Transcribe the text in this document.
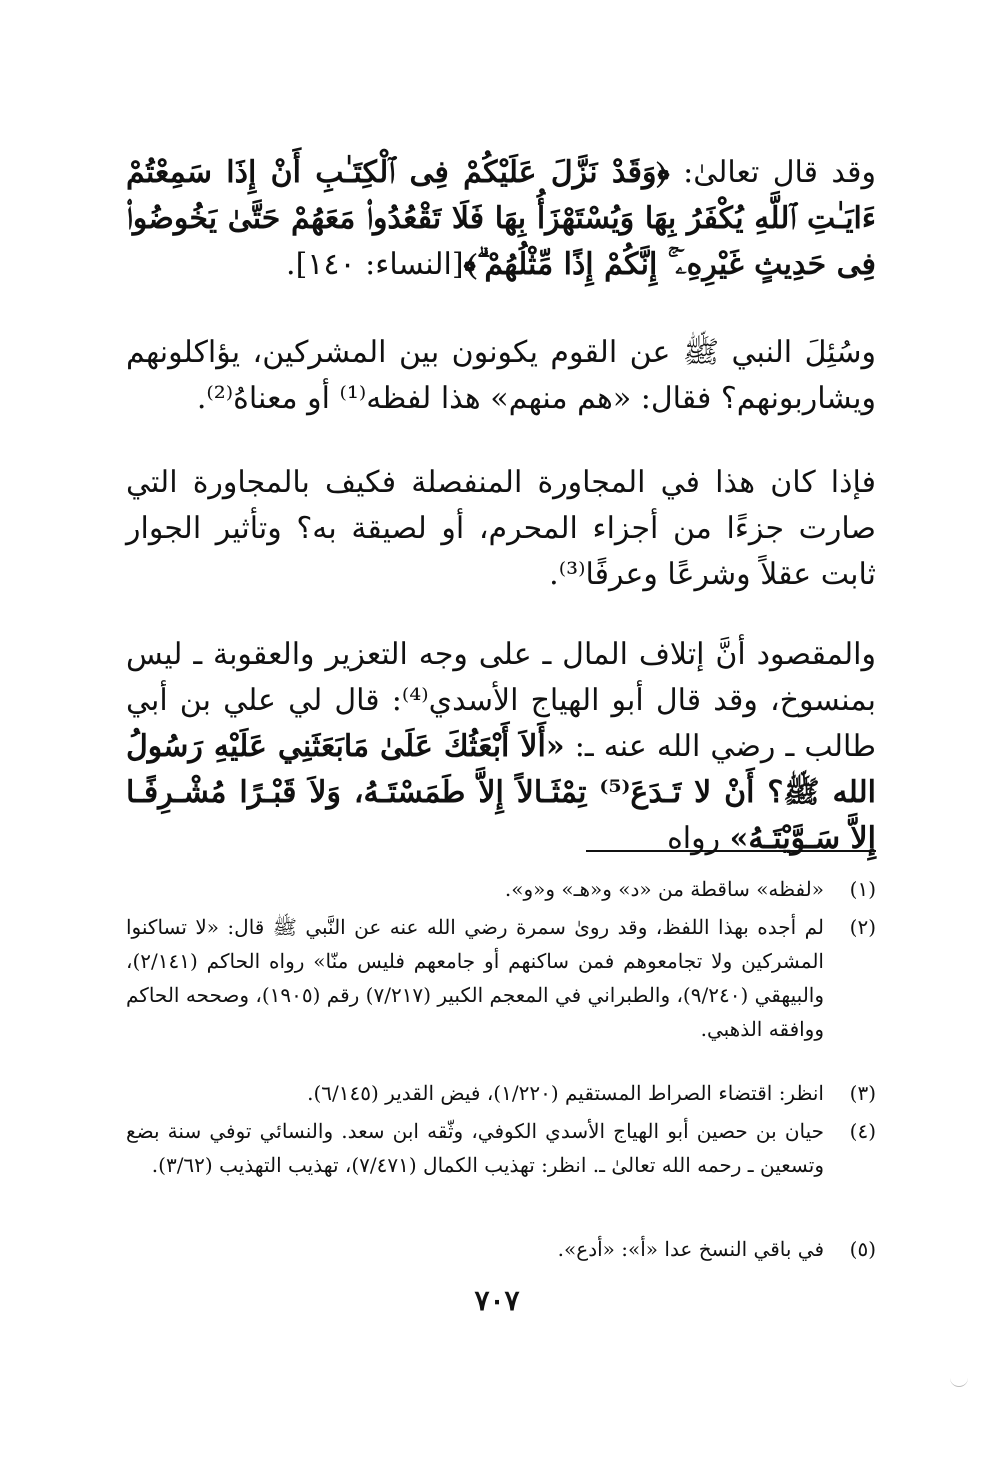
وقد قال تعالىٰ: ﴿وَقَدْ نَزَّلَ عَلَيْكُمْ فِى ٱلْكِتَـٰبِ أَنْ إِذَا سَمِعْتُمْ ءَايَـٰتِ ٱللَّهِ يُكْفَرُ بِهَا وَيُسْتَهْزَأُ بِهَا فَلَا تَقْعُدُوا۟ مَعَهُمْ حَتَّىٰ يَخُوضُوا۟ فِى حَدِيثٍ غَيْرِهِۦٓ ۚ إِنَّكُمْ إِذًا مِّثْلُهُمْ ۗ﴾[النساء: ١٤٠].

وسُئِلَ النبي ﷺ عن القوم يكونون بين المشركين، يؤاكلونهم ويشاربونهم؟ فقال: «هم منهم» هذا لفظه⁽¹⁾ أو معناهُ⁽²⁾.

فإذا كان هذا في المجاورة المنفصلة فكيف بالمجاورة التي صارت جزءًا من أجزاء المحرم، أو لصيقة به؟ وتأثير الجوار ثابت عقلاً وشرعًا وعرفًا⁽³⁾.

والمقصود أنَّ إتلاف المال ـ على وجه التعزير والعقوبة ـ ليس بمنسوخ، وقد قال أبو الهياج الأسدي⁽⁴⁾: قال لي علي بن أبي طالب ـ رضي الله عنه ـ: «أَلاَ أَبْعَثُكَ عَلَىٰ مَابَعَثَنِي عَلَيْهِ رَسُولُ الله ﷺ؟ أَنْ لا تَـدَعَ⁽⁵⁾ تِمْثَـالاً إِلاَّ طَمَسْتَـهُ، وَلاَ قَبْـرًا مُشْـرِفًـا إِلاَّ سَـوَّيْتَـهُ» رواه

(١)
«لفظه» ساقطة من «د» و«هـ» و«و».
(٢)
لم أجده بهذا اللفظ، وقد روىٰ سمرة رضي الله عنه عن النَّبي ﷺ قال: «لا تساكنوا المشركين ولا تجامعوهم فمن ساكنهم أو جامعهم فليس منّا» رواه الحاكم (٢/١٤١)، والبيهقي (٩/٢٤٠)، والطبراني في المعجم الكبير (٧/٢١٧) رقم (١٩٠٥)، وصححه الحاكم ووافقه الذهبي.
(٣)
انظر: اقتضاء الصراط المستقيم (١/٢٢٠)، فيض القدير (٦/١٤٥).
(٤)
حيان بن حصين أبو الهياج الأسدي الكوفي، وثّقه ابن سعد. والنسائي توفي سنة بضع وتسعين ـ رحمه الله تعالىٰ ـ. انظر: تهذيب الكمال (٧/٤٧١)، تهذيب التهذيب (٣/٦٢).
(٥)
في باقي النسخ عدا «أ»: «أدع».
٧٠٧
